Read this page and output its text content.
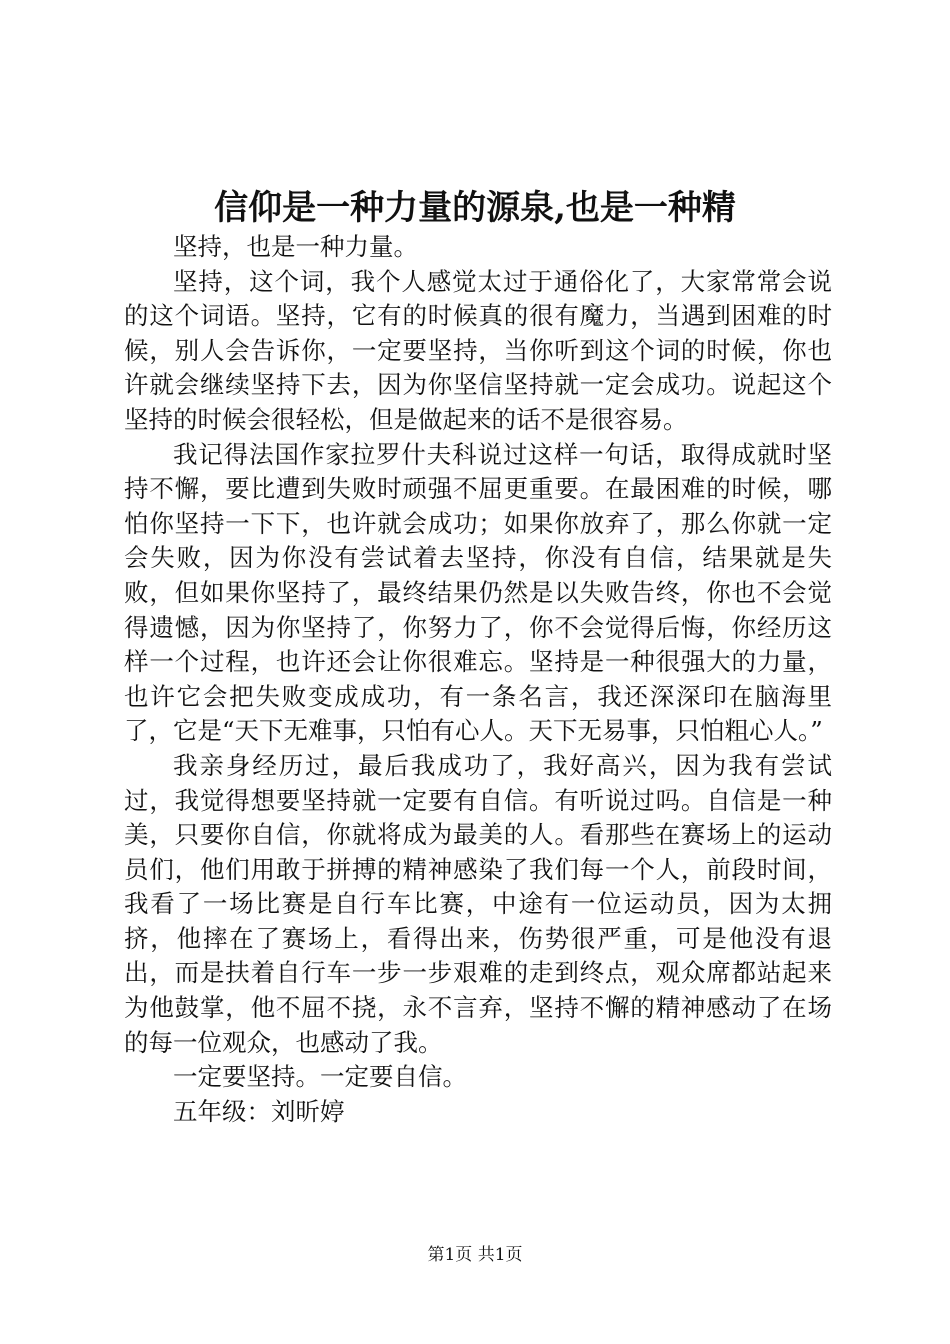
信仰是一种力量的源泉,也是一种精

坚持，也是一种力量。

坚持，这个词，我个人感觉太过于通俗化了，大家常常会说的这个词语。坚持，它有的时候真的很有魔力，当遇到困难的时候，别人会告诉你，一定要坚持，当你听到这个词的时候，你也许就会继续坚持下去，因为你坚信坚持就一定会成功。说起这个坚持的时候会很轻松，但是做起来的话不是很容易。

我记得法国作家拉罗什夫科说过这样一句话，取得成就时坚持不懈，要比遭到失败时顽强不屈更重要。在最困难的时候，哪怕你坚持一下下，也许就会成功；如果你放弃了，那么你就一定会失败，因为你没有尝试着去坚持，你没有自信，结果就是失败，但如果你坚持了，最终结果仍然是以失败告终，你也不会觉得遗憾，因为你坚持了，你努力了，你不会觉得后悔，你经历这样一个过程，也许还会让你很难忘。坚持是一种很强大的力量，也许它会把失败变成成功，有一条名言，我还深深印在脑海里了，它是“天下无难事，只怕有心人。天下无易事，只怕粗心人。”

我亲身经历过，最后我成功了，我好高兴，因为我有尝试过，我觉得想要坚持就一定要有自信。有听说过吗。自信是一种美，只要你自信，你就将成为最美的人。看那些在赛场上的运动员们，他们用敢于拼搏的精神感染了我们每一个人，前段时间，我看了一场比赛是自行车比赛，中途有一位运动员，因为太拥挤，他摔在了赛场上，看得出来，伤势很严重，可是他没有退出，而是扶着自行车一步一步艰难的走到终点，观众席都站起来为他鼓掌，他不屈不挠，永不言弃，坚持不懈的精神感动了在场的每一位观众，也感动了我。

一定要坚持。一定要自信。

五年级：刘昕婷

第1页 共1页
